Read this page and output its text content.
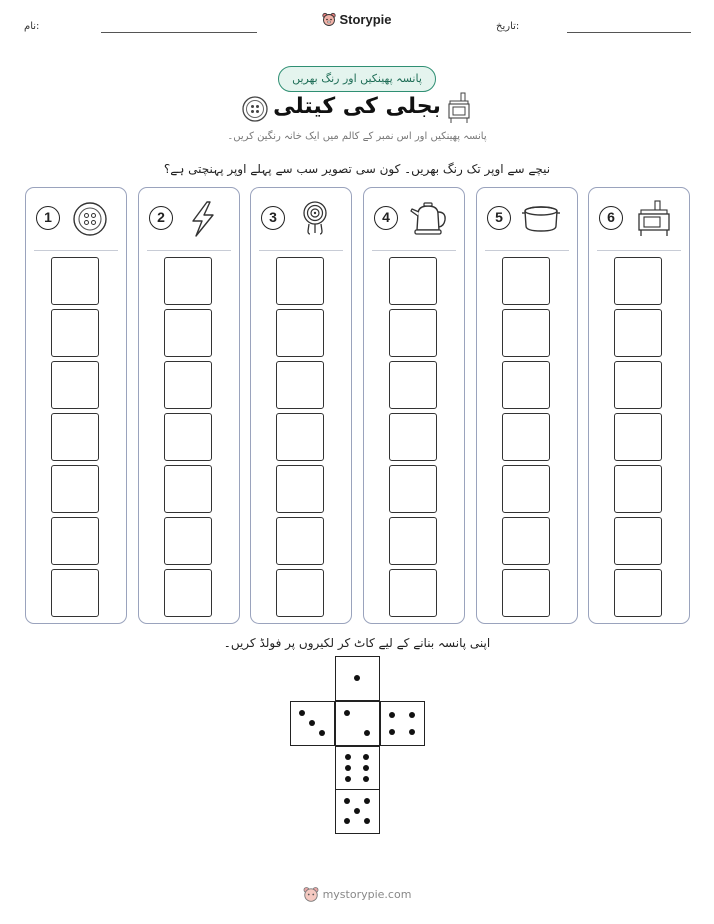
تاریخ:
Storypie
نام:
پانسہ پھینکیں اور رنگ بھریں
بجلی کی کیتلی
پانسہ پھینکیں اور اس نمبر کے کالم میں ایک خانہ رنگین کریں۔
نیچے سے اوپر تک رنگ بھریں۔ کون سی تصویر سب سے پہلے اوپر پہنچتی ہے؟
1	2	3	4	5	6
اپنی پانسہ بنانے کے لیے کاٹ کر لکیروں پر فولڈ کریں۔
mystorypie.com
